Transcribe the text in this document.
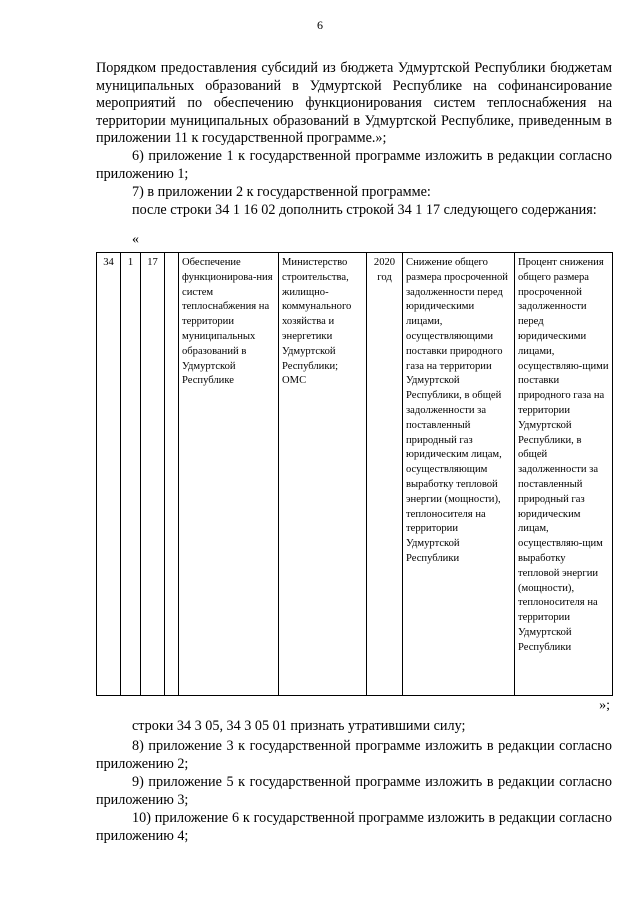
6

Порядком предоставления субсидий из бюджета Удмуртской Республики бюджетам муниципальных образований в Удмуртской Республике на софинансирование мероприятий по обеспечению функционирования систем теплоснабжения на территории муниципальных образований в Удмуртской Республике, приведенным в приложении 11 к государственной программе.»;

6) приложение 1 к государственной программе изложить в редакции согласно приложению 1;

7) в приложении 2 к государственной программе:

после строки 34 1 16 02 дополнить строкой 34 1 17 следующего содержания:

«
34	1	17		Обеспечение функционирова-ния систем теплоснабжения на территории муниципальных образований в Удмуртской Республике	Министерство строительства, жилищно-коммунального хозяйства и энергетики Удмуртской Республики; ОМС	2020 год	Снижение общего размера просроченной задолженности перед юридическими лицами, осуществляющими поставки природного газа на территории Удмуртской Республики, в общей задолженности за поставленный природный газ юридическим лицам, осуществляющим выработку тепловой энергии (мощности), теплоносителя на территории Удмуртской Республики	Процент снижения общего размера просроченной задолженности перед юридическими лицами, осуществляю-щими поставки природного газа на территории Удмуртской Республики, в общей задолженности за поставленный природный газ юридическим лицам, осуществляю-щим выработку тепловой энергии (мощности), теплоносителя на территории Удмуртской Республики
»;

строки 34 3 05, 34 3 05 01 признать утратившими силу;

8) приложение 3 к государственной программе изложить в редакции согласно приложению 2;

9) приложение 5 к государственной программе изложить в редакции согласно приложению 3;

10) приложение 6 к государственной программе изложить в редакции согласно приложению 4;
